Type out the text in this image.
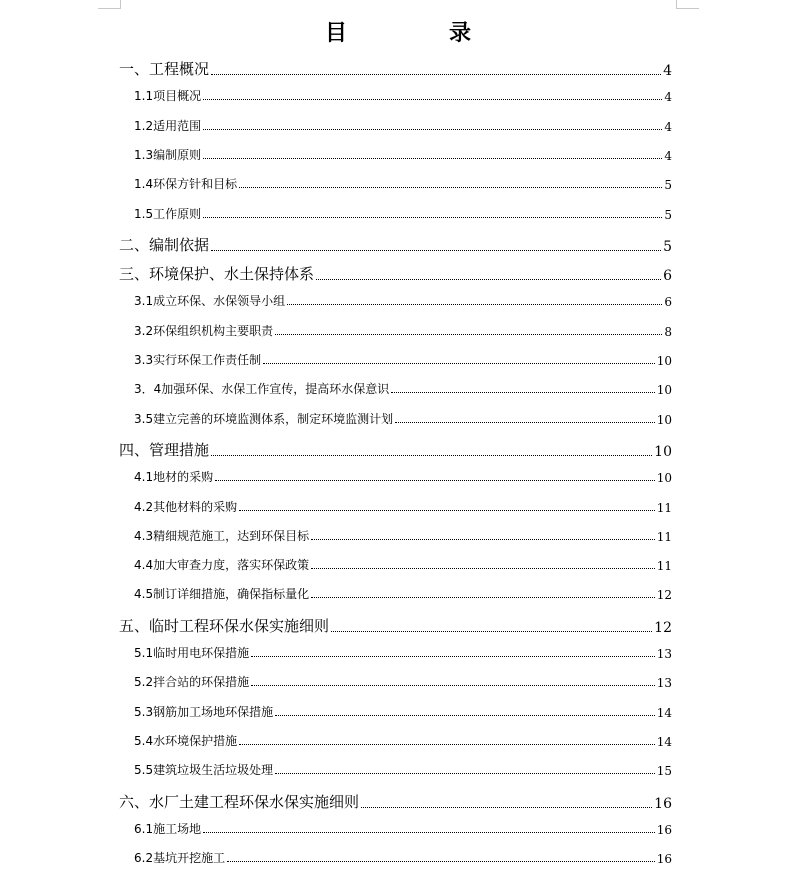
目　录
一、工程概况	4
1.1项目概况	4
1.2适用范围	4
1.3编制原则	4
1.4环保方针和目标	5
1.5工作原则	5
二、编制依据	5
三、环境保护、水土保持体系	6
3.1成立环保、水保领导小组	6
3.2环保组织机构主要职责	8
3.3实行环保工作责任制	10
3．4加强环保、水保工作宣传，提高环水保意识	10
3.5建立完善的环境监测体系，制定环境监测计划	10
四、管理措施	10
4.1地材的采购	10
4.2其他材料的采购	11
4.3精细规范施工，达到环保目标	11
4.4加大审查力度，落实环保政策	11
4.5制订详细措施，确保指标量化	12
五、临时工程环保水保实施细则	12
5.1临时用电环保措施	13
5.2拌合站的环保措施	13
5.3钢筋加工场地环保措施	14
5.4水环境保护措施	14
5.5建筑垃圾生活垃圾处理	15
六、水厂土建工程环保水保实施细则	16
6.1施工场地	16
6.2基坑开挖施工	16
